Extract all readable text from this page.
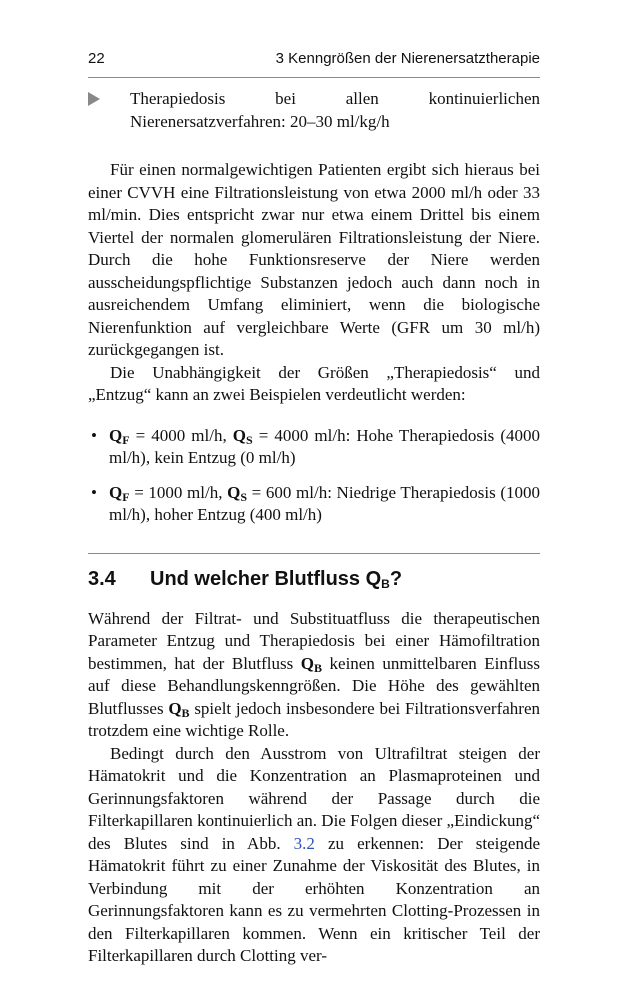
22	3 Kenngrößen der Nierenersatztherapie

Therapiedosis bei allen kontinuierlichen Nierenersatzverfahren: 20–30 ml/kg/h

Für einen normalgewichtigen Patienten ergibt sich hieraus bei einer CVVH eine Filtrationsleistung von etwa 2000 ml/h oder 33 ml/min. Dies entspricht zwar nur etwa einem Drittel bis einem Viertel der normalen glomerulären Filtrationsleistung der Niere. Durch die hohe Funktionsreserve der Niere werden ausscheidungspflichtige Substanzen jedoch auch dann noch in ausreichendem Umfang eliminiert, wenn die biologische Nierenfunktion auf vergleichbare Werte (GFR um 30 ml/h) zurückgegangen ist.

Die Unabhängigkeit der Größen „Therapiedosis“ und „Entzug“ kann an zwei Beispielen verdeutlicht werden:

• $Q_F = 4000$ ml/h, $Q_S = 4000$ ml/h: Hohe Therapiedosis (4000 ml/h), kein Entzug (0 ml/h)

• $Q_F = 1000$ ml/h, $Q_S = 600$ ml/h: Niedrige Therapiedosis (1000 ml/h), hoher Entzug (400 ml/h)

3.4 Und welcher Blutfluss $Q_B$?

Während der Filtrat- und Substituatfluss die therapeutischen Parameter Entzug und Therapiedosis bei einer Hämofiltration bestimmen, hat der Blutfluss $Q_B$ keinen unmittelbaren Einfluss auf diese Behandlungskenngrößen. Die Höhe des gewählten Blutflusses $Q_B$ spielt jedoch insbesondere bei Filtrationsverfahren trotzdem eine wichtige Rolle.

Bedingt durch den Ausstrom von Ultrafiltrat steigen der Hämatokrit und die Konzentration an Plasmaproteinen und Gerinnungsfaktoren während der Passage durch die Filterkapillaren kontinuierlich an. Die Folgen dieser „Eindickung“ des Blutes sind in Abb. 3.2 zu erkennen: Der steigende Hämatokrit führt zu einer Zunahme der Viskosität des Blutes, in Verbindung mit der erhöhten Konzentration an Gerinnungsfaktoren kann es zu vermehrten Clotting-Prozessen in den Filterkapillaren kommen. Wenn ein kritischer Teil der Filterkapillaren durch Clotting ver-
